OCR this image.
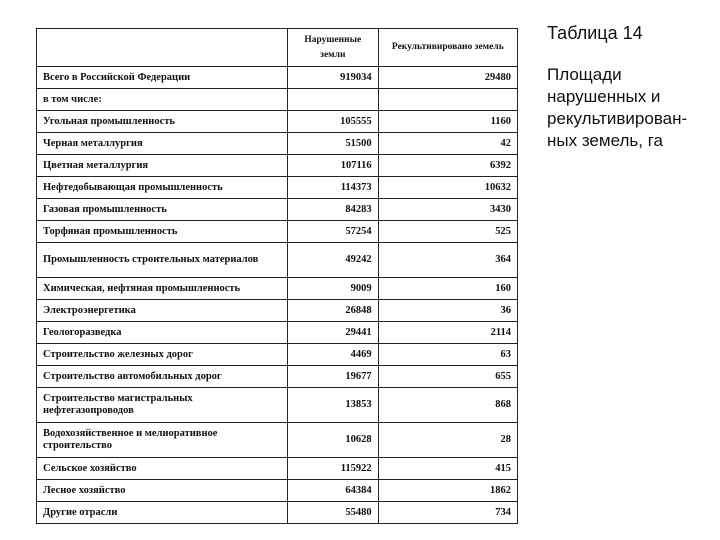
	Нарушенные земли	Рекультивировано земель
Всего в Российской Федерации	919034	29480
в том числе:		
Угольная промышленность	105555	1160
Черная металлургия	51500	42
Цветная металлургия	107116	6392
Нефтедобывающая промышленность	114373	10632
Газовая промышленность	84283	3430
Торфяная промышленность	57254	525
Промышленность строительных материалов	49242	364
Химическая, нефтяная промышленность	9009	160
Электроэнергетика	26848	36
Геологоразведка	29441	2114
Строительство железных дорог	4469	63
Строительство автомобильных дорог	19677	655
Строительство магистральных нефтегазопроводов	13853	868
Водохозяйственное и мелиоративное строительство	10628	28
Сельское хозяйство	115922	415
Лесное хозяйство	64384	1862
Другие отрасли	55480	734
Таблица 14
Площади нарушенных и рекультивирован-ных земель, га
